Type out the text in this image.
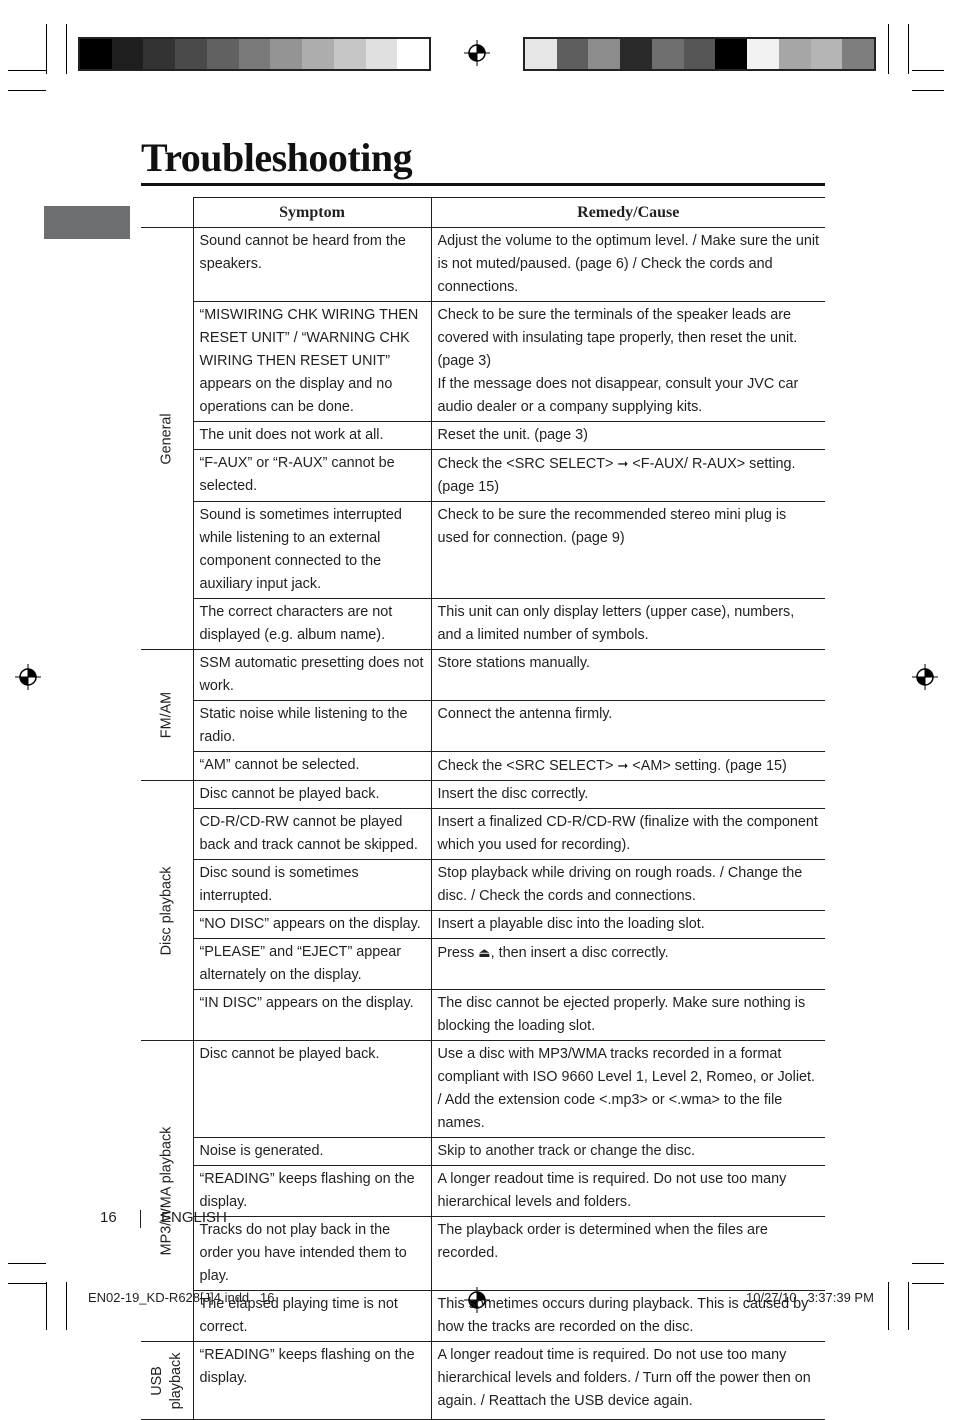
Troubleshooting
	Symptom	Remedy/Cause

General	Sound cannot be heard from the speakers.	Adjust the volume to the optimum level. / Make sure the unit is not muted/paused. (page 6) / Check the cords and connections.
	“MISWIRING CHK WIRING THEN RESET UNIT” / “WARNING CHK WIRING THEN RESET UNIT” appears on the display and no operations can be done.	Check to be sure the terminals of the speaker leads are covered with insulating tape properly, then reset the unit. (page 3)
If the message does not disappear, consult your JVC car audio dealer or a company supplying kits.
	The unit does not work at all.	Reset the unit. (page 3)
	“F-AUX” or “R-AUX” cannot be selected.	Check the <SRC SELECT> ➞ <F-AUX/ R-AUX> setting. (page 15)
	Sound is sometimes interrupted while listening to an external component connected to the auxiliary input jack.	Check to be sure the recommended stereo mini plug is used for connection. (page 9)
	The correct characters are not displayed (e.g. album name).	This unit can only display letters (upper case), numbers, and a limited number of symbols.

FM/AM	SSM automatic presetting does not work.	Store stations manually.
	Static noise while listening to the radio.	Connect the antenna firmly.
	“AM” cannot be selected.	Check the <SRC SELECT> ➞ <AM> setting. (page 15)

Disc playback	Disc cannot be played back.	Insert the disc correctly.
	CD-R/CD-RW cannot be played back and track cannot be skipped.	Insert a finalized CD-R/CD-RW (finalize with the component which you used for recording).
	Disc sound is sometimes interrupted.	Stop playback while driving on rough roads. / Change the disc. / Check the cords and connections.
	“NO DISC” appears on the display.	Insert a playable disc into the loading slot.
	“PLEASE” and “EJECT” appear alternately on the display.	Press ⏏, then insert a disc correctly.
	“IN DISC” appears on the display.	The disc cannot be ejected properly. Make sure nothing is blocking the loading slot.

MP3/WMA playback	Disc cannot be played back.	Use a disc with MP3/WMA tracks recorded in a format compliant with ISO 9660 Level 1, Level 2, Romeo, or Joliet. / Add the extension code <.mp3> or <.wma> to the file names.
	Noise is generated.	Skip to another track or change the disc.
	“READING” keeps flashing on the display.	A longer readout time is required. Do not use too many hierarchical levels and folders.
	Tracks do not play back in the order you have intended them to play.	The playback order is determined when the files are recorded.
	The elapsed playing time is not correct.	This sometimes occurs during playback. This is caused by how the tracks are recorded on the disc.

USB playback	“READING” keeps flashing on the display.	A longer readout time is required. Do not use too many hierarchical levels and folders. / Turn off the power then on again. / Reattach the USB device again.
16	ENGLISH
EN02-19_KD-R628[J]4.indd   16	10/27/10   3:37:39 PM
